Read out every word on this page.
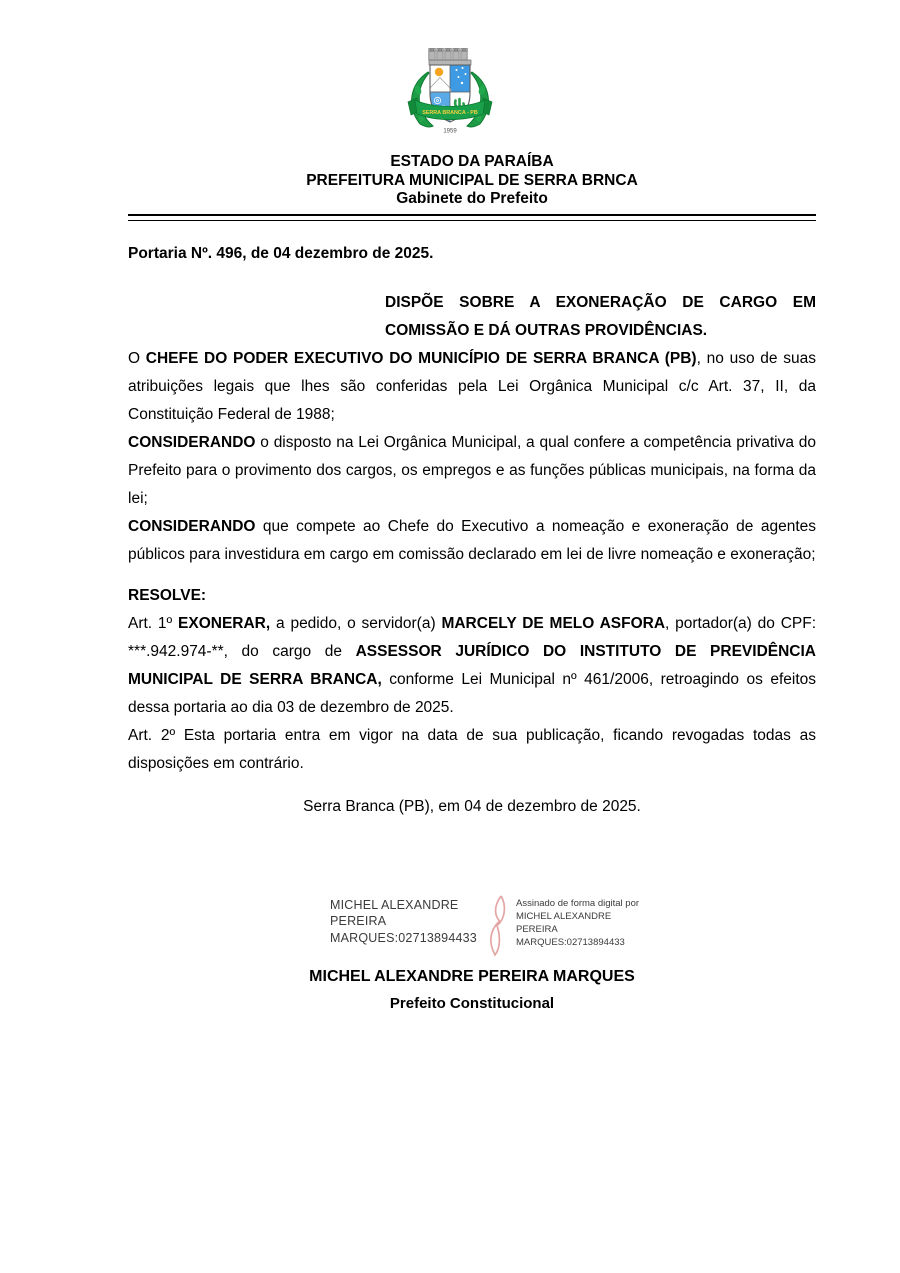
SERRA BRANCA - PB
1959
ESTADO DA PARAÍBA
PREFEITURA MUNICIPAL DE SERRA BRNCA
Gabinete do Prefeito
Portaria Nº. 496, de 04 dezembro de 2025.
DISPÕE SOBRE A EXONERAÇÃO DE CARGO EM COMISSÃO E DÁ OUTRAS PROVIDÊNCIAS.

O CHEFE DO PODER EXECUTIVO DO MUNICÍPIO DE SERRA BRANCA (PB), no uso de suas atribuições legais que lhes são conferidas pela Lei Orgânica Municipal c/c Art. 37, II, da Constituição Federal de 1988;

CONSIDERANDO o disposto na Lei Orgânica Municipal, a qual confere a competência privativa do Prefeito para o provimento dos cargos, os empregos e as funções públicas municipais, na forma da lei;

CONSIDERANDO que compete ao Chefe do Executivo a nomeação e exoneração de agentes públicos para investidura em cargo em comissão declarado em lei de livre nomeação e exoneração;

RESOLVE:

Art. 1º EXONERAR, a pedido, o servidor(a) MARCELY DE MELO ASFORA, portador(a) do CPF: ***.942.974-**, do cargo de ASSESSOR JURÍDICO DO INSTITUTO DE PREVIDÊNCIA MUNICIPAL DE SERRA BRANCA, conforme Lei Municipal nº 461/2006, retroagindo os efeitos dessa portaria ao dia 03 de dezembro de 2025.

Art. 2º Esta portaria entra em vigor na data de sua publicação, ficando revogadas todas as disposições em contrário.

Serra Branca (PB), em 04 de dezembro de 2025.
MICHEL ALEXANDRE PEREIRA MARQUES:02713894433
Assinado de forma digital por MICHEL ALEXANDRE PEREIRA MARQUES:02713894433
MICHEL ALEXANDRE PEREIRA MARQUES
Prefeito Constitucional
